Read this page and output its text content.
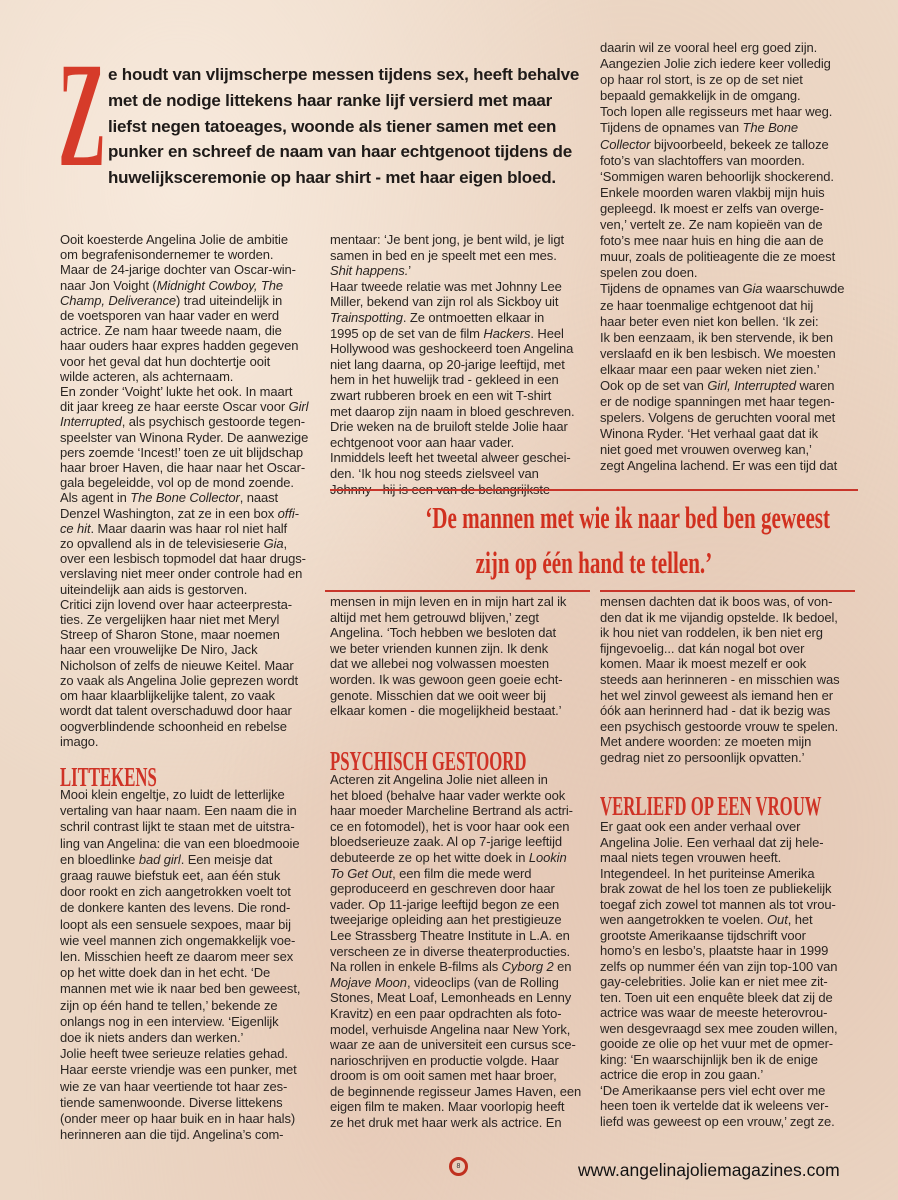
Z e houdt van vlijmscherpe messen tijdens sex, heeft behalve
met de nodige littekens haar ranke lijf versierd met maar
liefst negen tatoeages, woonde als tiener samen met een
punker en schreef de naam van haar echtgenoot tijdens de
huwelijksceremonie op haar shirt - met haar eigen bloed.
Ooit koesterde Angelina Jolie de ambitie
om begrafenisondernemer te worden.
Maar de 24-jarige dochter van Oscar-win-
naar Jon Voight (Midnight Cowboy, The
Champ, Deliverance) trad uiteindelijk in
de voetsporen van haar vader en werd
actrice. Ze nam haar tweede naam, die
haar ouders haar expres hadden gegeven
voor het geval dat hun dochtertje ooit
wilde acteren, als achternaam.
En zonder ‘Voight’ lukte het ook. In maart
dit jaar kreeg ze haar eerste Oscar voor Girl
Interrupted, als psychisch gestoorde tegen-
speelster van Winona Ryder. De aanwezige
pers zoemde ‘Incest!’ toen ze uit blijdschap
haar broer Haven, die haar naar het Oscar-
gala begeleidde, vol op de mond zoende.
Als agent in The Bone Collector, naast
Denzel Washington, zat ze in een box offi-
ce hit. Maar daarin was haar rol niet half
zo opvallend als in de televisieserie Gia,
over een lesbisch topmodel dat haar drugs-
verslaving niet meer onder controle had en
uiteindelijk aan aids is gestorven.
Critici zijn lovend over haar acteerpresta-
ties. Ze vergelijken haar niet met Meryl
Streep of Sharon Stone, maar noemen
haar een vrouwelijke De Niro, Jack
Nicholson of zelfs de nieuwe Keitel. Maar
zo vaak als Angelina Jolie geprezen wordt
om haar klaarblijkelijke talent, zo vaak
wordt dat talent overschaduwd door haar
oogverblindende schoonheid en rebelse
imago.
LITTEKENS
Mooi klein engeltje, zo luidt de letterlijke
vertaling van haar naam. Een naam die in
schril contrast lijkt te staan met de uitstra-
ling van Angelina: die van een bloedmooie
en bloedlinke bad girl. Een meisje dat
graag rauwe biefstuk eet, aan één stuk
door rookt en zich aangetrokken voelt tot
de donkere kanten des levens. Die rond-
loopt als een sensuele sexpoes, maar bij
wie veel mannen zich ongemakkelijk voe-
len. Misschien heeft ze daarom meer sex
op het witte doek dan in het echt. ‘De
mannen met wie ik naar bed ben geweest,
zijn op één hand te tellen,’ bekende ze
onlangs nog in een interview. ‘Eigenlijk
doe ik niets anders dan werken.’
Jolie heeft twee serieuze relaties gehad.
Haar eerste vriendje was een punker, met
wie ze van haar veertiende tot haar zes-
tiende samenwoonde. Diverse littekens
(onder meer op haar buik en in haar hals)
herinneren aan die tijd. Angelina’s com-
mentaar: ‘Je bent jong, je bent wild, je ligt
samen in bed en je speelt met een mes.
Shit happens.’
Haar tweede relatie was met Johnny Lee
Miller, bekend van zijn rol als Sickboy uit
Trainspotting. Ze ontmoetten elkaar in
1995 op de set van de film Hackers. Heel
Hollywood was geshockeerd toen Angelina
niet lang daarna, op 20-jarige leeftijd, met
hem in het huwelijk trad - gekleed in een
zwart rubberen broek en een wit T-shirt
met daarop zijn naam in bloed geschreven.
Drie weken na de bruiloft stelde Jolie haar
echtgenoot voor aan haar vader.
Inmiddels leeft het tweetal alweer geschei-
den. ‘Ik hou nog steeds zielsveel van
mensen in mijn leven en in mijn hart zal ik
altijd met hem getrouwd blijven,’ zegt
Angelina. ‘Toch hebben we besloten dat
we beter vrienden kunnen zijn. Ik denk
dat we allebei nog volwassen moesten
worden. Ik was gewoon geen goeie echt-
genote. Misschien dat we ooit weer bij
elkaar komen - die mogelijkheid bestaat.’
PSYCHISCH GESTOORD
Acteren zit Angelina Jolie niet alleen in
het bloed (behalve haar vader werkte ook
haar moeder Marcheline Bertrand als actri-
ce en fotomodel), het is voor haar ook een
bloedserieuze zaak. Al op 7-jarige leeftijd
debuteerde ze op het witte doek in Lookin
To Get Out, een film die mede werd
geproduceerd en geschreven door haar
vader. Op 11-jarige leeftijd begon ze een
tweejarige opleiding aan het prestigieuze
Lee Strassberg Theatre Institute in L.A. en
verscheen ze in diverse theaterproducties.
Na rollen in enkele B-films als Cyborg 2 en
Mojave Moon, videoclips (van de Rolling
Stones, Meat Loaf, Lemonheads en Lenny
Kravitz) en een paar opdrachten als foto-
model, verhuisde Angelina naar New York,
waar ze aan de universiteit een cursus sce-
narioschrijven en productie volgde. Haar
droom is om ooit samen met haar broer,
de beginnende regisseur James Haven, een
eigen film te maken. Maar voorlopig heeft
ze het druk met haar werk als actrice. En
daarin wil ze vooral heel erg goed zijn.
Aangezien Jolie zich iedere keer volledig
op haar rol stort, is ze op de set niet
bepaald gemakkelijk in de omgang.
Toch lopen alle regisseurs met haar weg.
Tijdens de opnames van The Bone
Collector bijvoorbeeld, bekeek ze talloze
foto’s van slachtoffers van moorden.
‘Sommigen waren behoorlijk shockerend.
Enkele moorden waren vlakbij mijn huis
gepleegd. Ik moest er zelfs van overge-
ven,’ vertelt ze. Ze nam kopieën van de
foto’s mee naar huis en hing die aan de
muur, zoals de politieagente die ze moest
spelen zou doen.
Tijdens de opnames van Gia waarschuwde
ze haar toenmalige echtgenoot dat hij
haar beter even niet kon bellen. ‘Ik zei:
Ik ben eenzaam, ik ben stervende, ik ben
verslaafd en ik ben lesbisch. We moesten
elkaar maar een paar weken niet zien.’
Ook op de set van Girl, Interrupted waren
er de nodige spanningen met haar tegen-
spelers. Volgens de geruchten vooral met
Winona Ryder. ‘Het verhaal gaat dat ik
niet goed met vrouwen overweg kan,’
zegt Angelina lachend. Er was een tijd dat
mensen dachten dat ik boos was, of von-
den dat ik me vijandig opstelde. Ik bedoel,
ik hou niet van roddelen, ik ben niet erg
fijngevoelig... dat kán nogal bot over
komen. Maar ik moest mezelf er ook
steeds aan herinneren - en misschien was
het wel zinvol geweest als iemand hen er
óók aan herinnerd had - dat ik bezig was
een psychisch gestoorde vrouw te spelen.
Met andere woorden: ze moeten mijn
gedrag niet zo persoonlijk opvatten.’
VERLIEFD OP EEN VROUW
Er gaat ook een ander verhaal over
Angelina Jolie. Een verhaal dat zij hele-
maal niets tegen vrouwen heeft.
Integendeel. In het puriteinse Amerika
brak zowat de hel los toen ze publiekelijk
toegaf zich zowel tot mannen als tot vrou-
wen aangetrokken te voelen. Out, het
grootste Amerikaanse tijdschrift voor
homo’s en lesbo’s, plaatste haar in 1999
zelfs op nummer één van zijn top-100 van
gay-celebrities. Jolie kan er niet mee zit-
ten. Toen uit een enquête bleek dat zij de
actrice was waar de meeste heterovrou-
wen desgevraagd sex mee zouden willen,
gooide ze olie op het vuur met de opmer-
king: ‘En waarschijnlijk ben ik de enige
actrice die erop in zou gaan.’
‘De Amerikaanse pers viel echt over me
heen toen ik vertelde dat ik weleens ver-
liefd was geweest op een vrouw,’ zegt ze.
‘De mannen met wie ik naar bed ben geweest
zijn op één hand te tellen.’
8	www.angelinajoliemagazines.com
